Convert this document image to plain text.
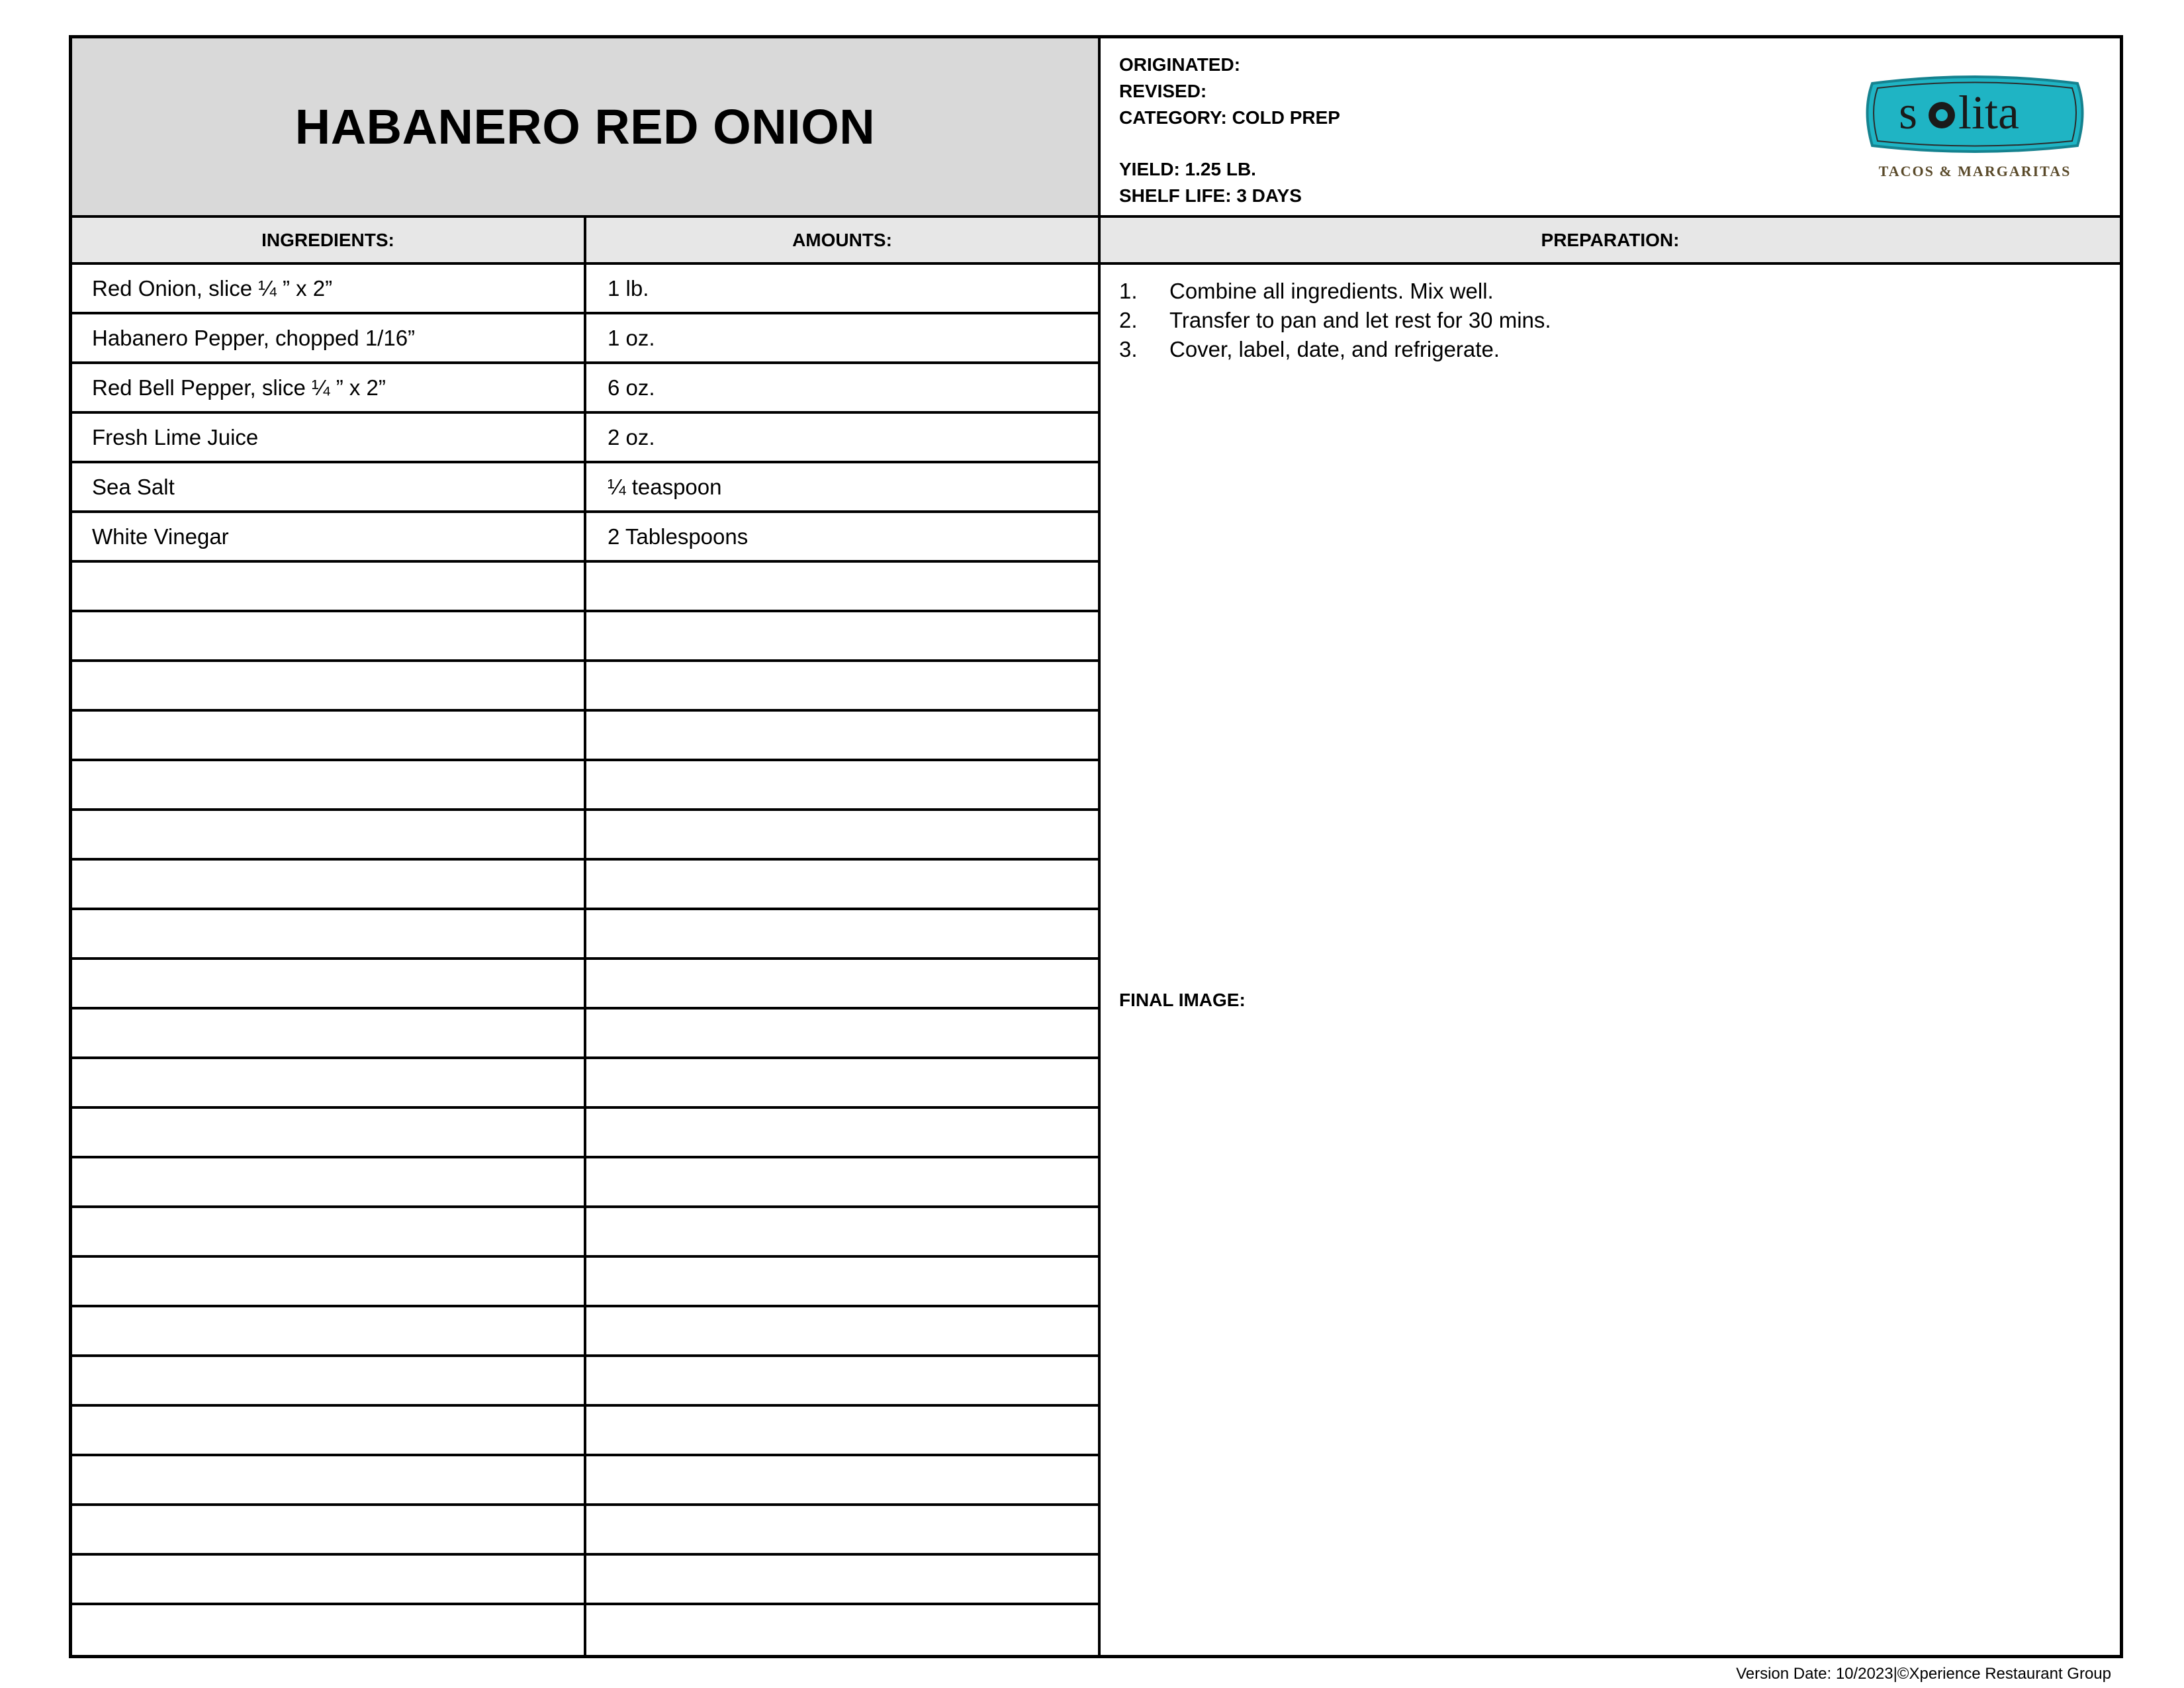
HABANERO RED ONION
ORIGINATED:
REVISED:
CATEGORY: COLD PREP
YIELD: 1.25 LB.
SHELF LIFE: 3 DAYS
s lita
TACOS & MARGARITAS
INGREDIENTS:	AMOUNTS:	PREPARATION:
Red Onion, slice ¼ ” x 2”	1 lb.
Habanero Pepper, chopped 1/16”	1 oz.
Red Bell Pepper, slice ¼ ” x 2”	6 oz.
Fresh Lime Juice	2 oz.
Sea Salt	¼ teaspoon
White Vinegar	2 Tablespoons
1.	Combine all ingredients. Mix well.
2.	Transfer to pan and let rest for 30 mins.
3.	Cover, label, date, and refrigerate.
FINAL IMAGE:
Version Date: 10/2023|©Xperience Restaurant Group
